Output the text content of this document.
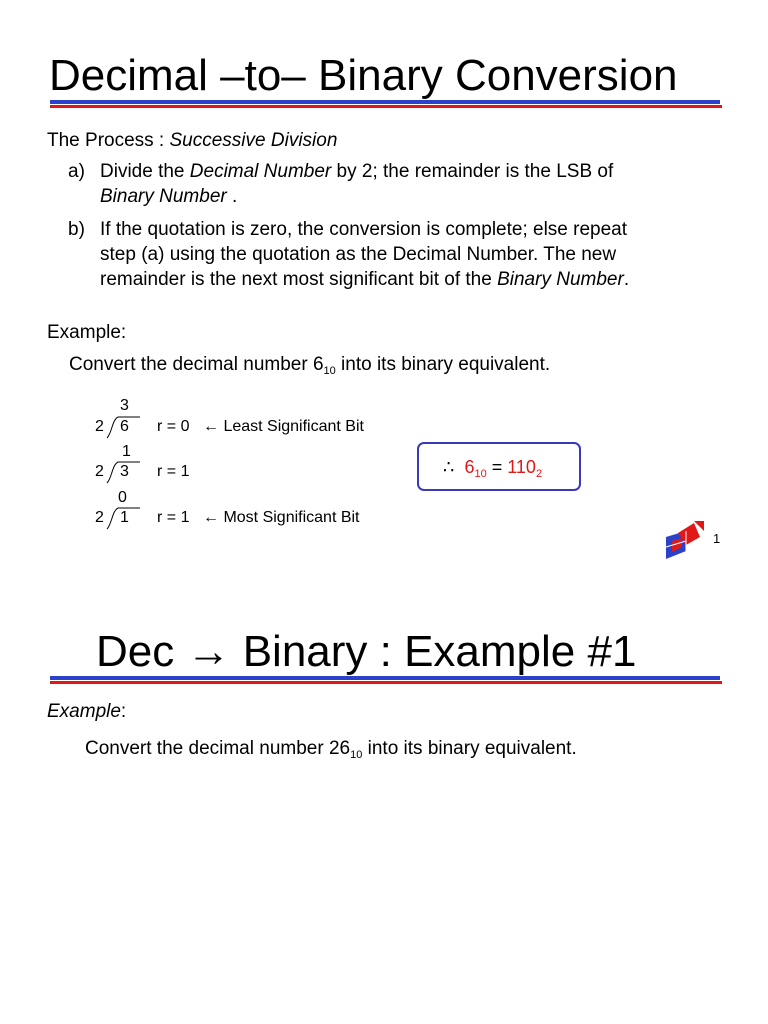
Decimal –to– Binary Conversion
The Process : Successive Division
a) Divide the Decimal Number by 2; the remainder is the LSB of
Binary Number .
b) If the quotation is zero, the conversion is complete; else repeat
step (a) using the quotation as the Decimal Number. The new
remainder is the next most significant bit of the Binary Number.
Example:
Convert the decimal number $6_{10}$ into its binary equivalent.
3
2 6 r = 0 ← Least Significant Bit
1
2 3 r = 1
0
2 1 r = 1 ← Most Significant Bit
∴ $6_{10} = 110_2$
1
Dec → Binary : Example #1
Example:
Convert the decimal number $26_{10}$ into its binary equivalent.
